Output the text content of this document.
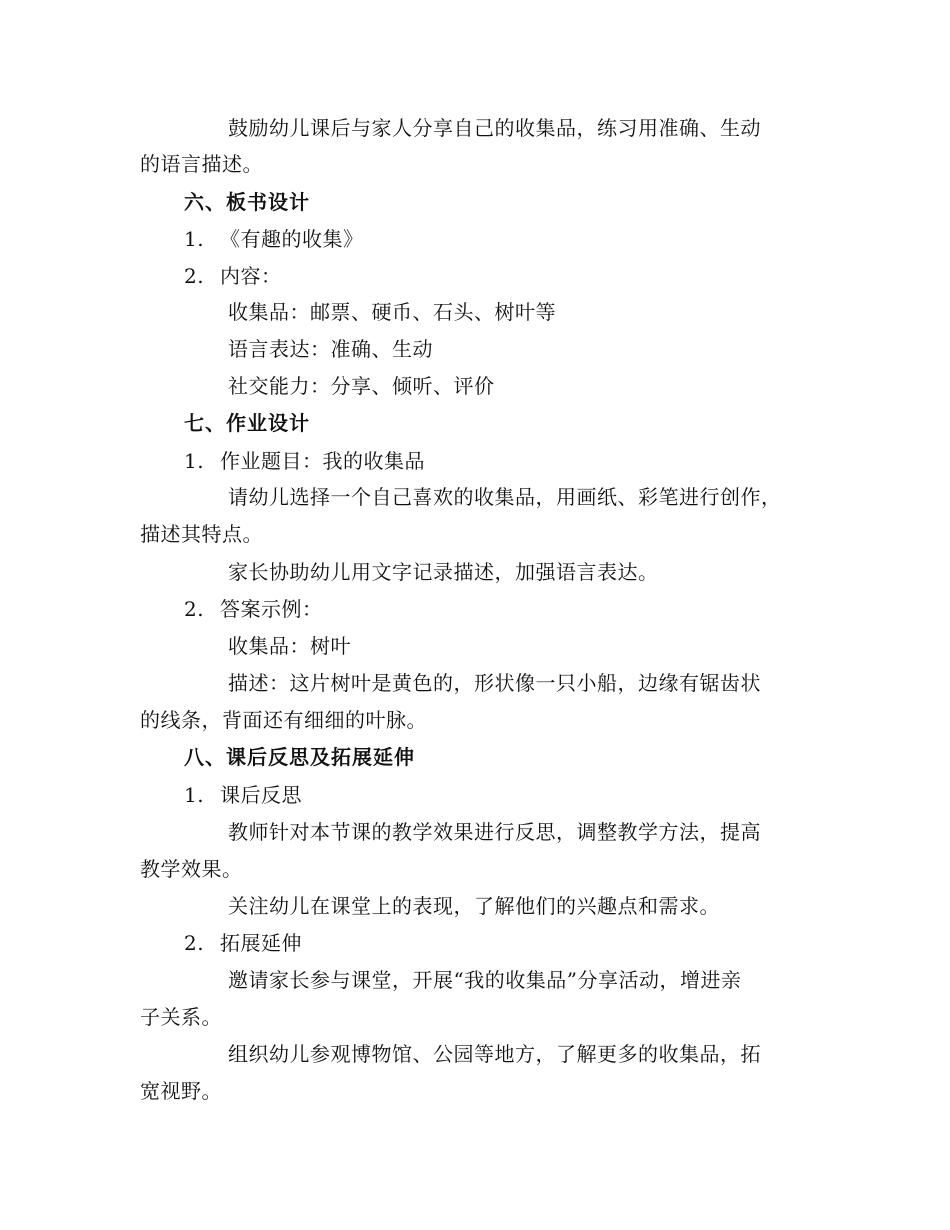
鼓励幼儿课后与家人分享自己的收集品，练习用准确、生动
的语言描述。
六、板书设计
1. 《有趣的收集》
2. 内容：
收集品：邮票、硬币、石头、树叶等
语言表达：准确、生动
社交能力：分享、倾听、评价
七、作业设计
1. 作业题目：我的收集品
请幼儿选择一个自己喜欢的收集品，用画纸、彩笔进行创作，
描述其特点。
家长协助幼儿用文字记录描述，加强语言表达。
2. 答案示例：
收集品：树叶
描述：这片树叶是黄色的，形状像一只小船，边缘有锯齿状
的线条，背面还有细细的叶脉。
八、课后反思及拓展延伸
1. 课后反思
教师针对本节课的教学效果进行反思，调整教学方法，提高
教学效果。
关注幼儿在课堂上的表现，了解他们的兴趣点和需求。
2. 拓展延伸
邀请家长参与课堂，开展“我的收集品”分享活动，增进亲
子关系。
组织幼儿参观博物馆、公园等地方，了解更多的收集品，拓
宽视野。
